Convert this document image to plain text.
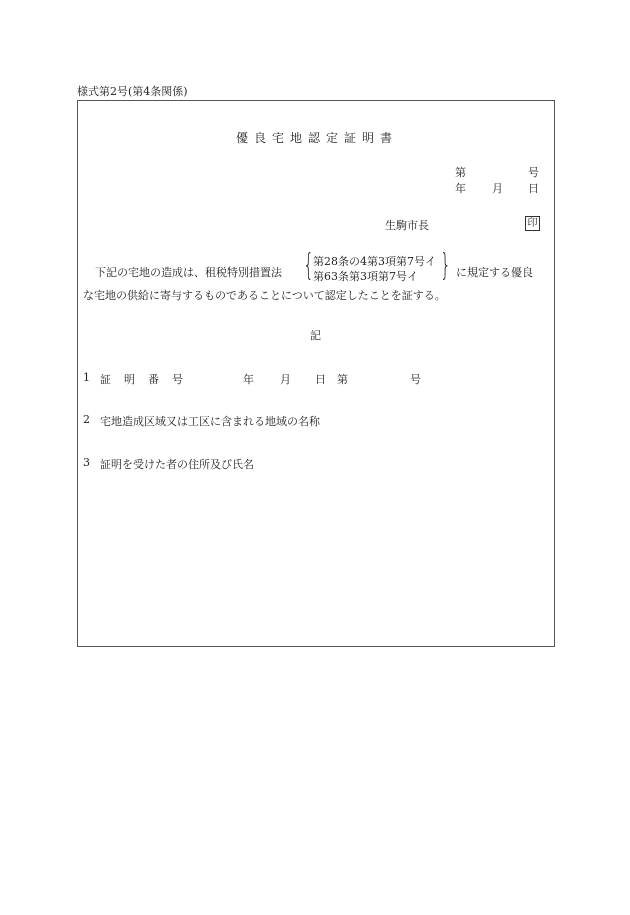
様式第2号(第4条関係)
優良宅地認定証明書
第	号
年 月 日
生駒市長	印
下記の宅地の造成は、租税特別措置法 { 第28条の4第3項第7号イ
第63条第3項第7号イ } に規定する優良
な宅地の供給に寄与するものであることについて認定したことを証する。
記
1 証明番号	年 月 日 第	号
2 宅地造成区域又は工区に含まれる地域の名称
3 証明を受けた者の住所及び氏名
